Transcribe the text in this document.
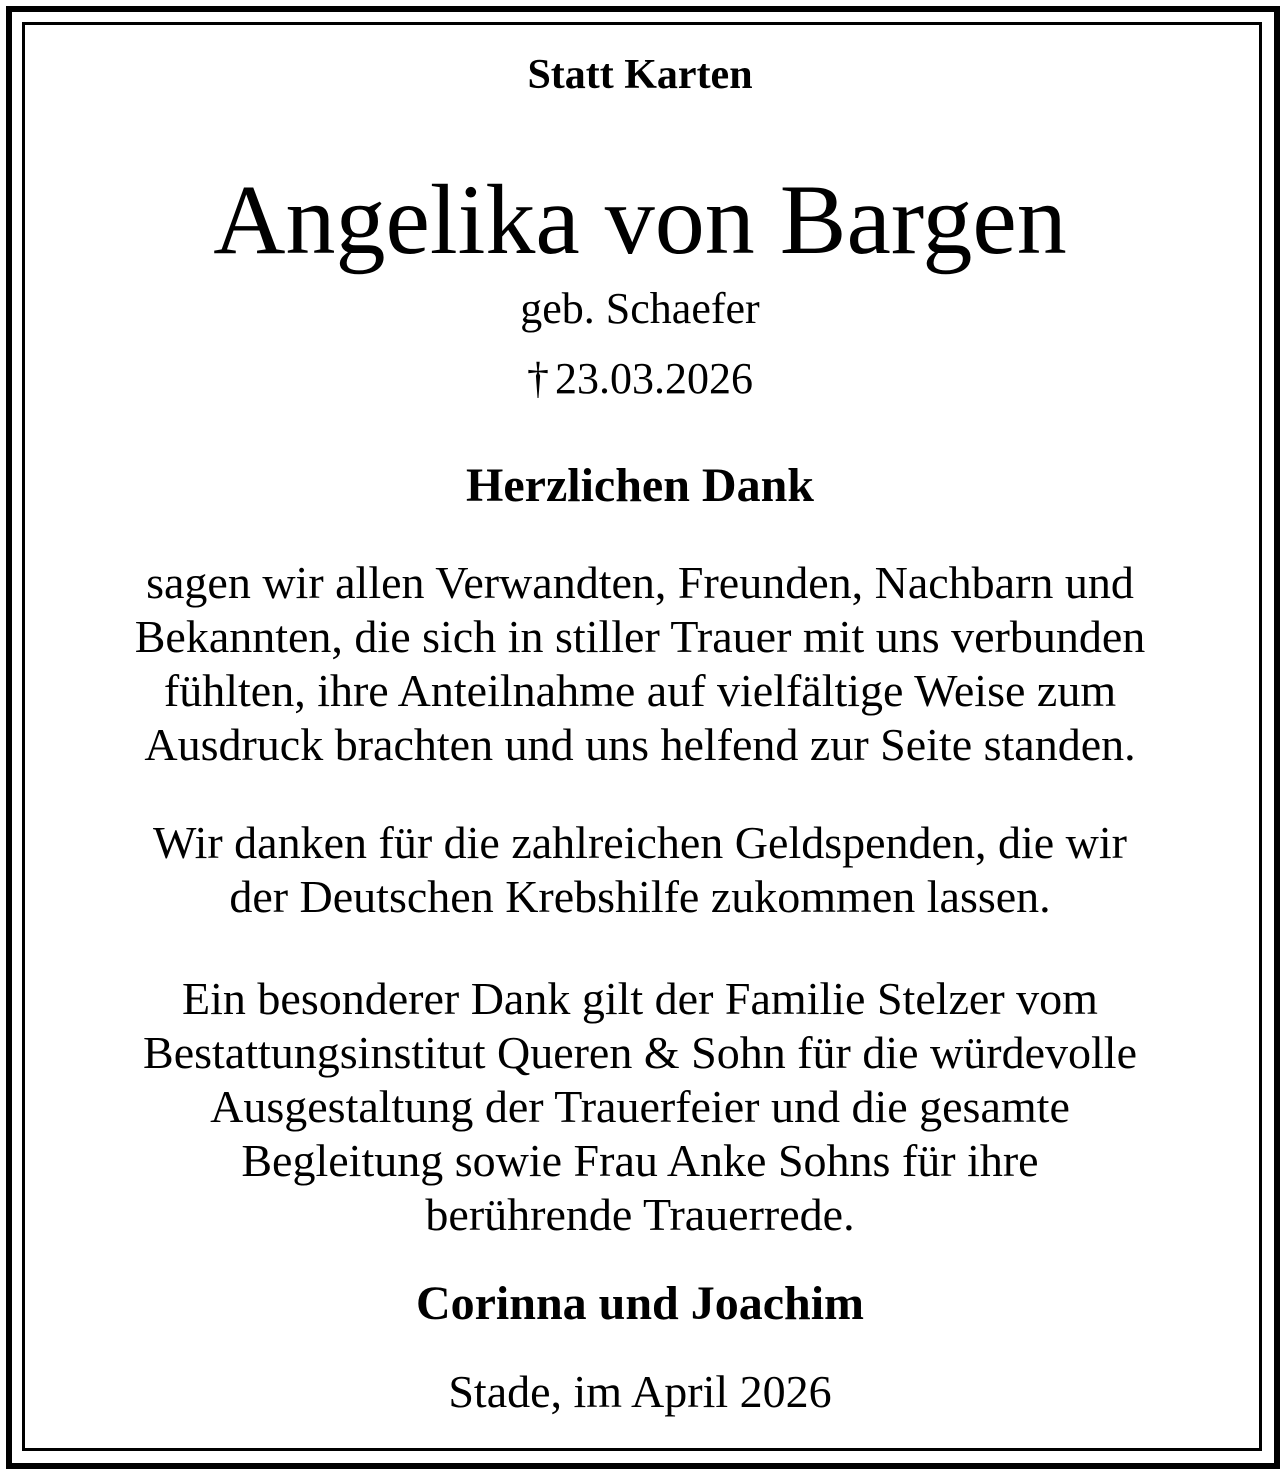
Statt Karten

Angelika von Bargen

geb. Schaefer

† 23.03.2026

Herzlichen Dank
sagen wir allen Verwandten, Freunden, Nachbarn und
Bekannten, die sich in stiller Trauer mit uns verbunden
fühlten, ihre Anteilnahme auf vielfältige Weise zum
Ausdruck brachten und uns helfend zur Seite standen.
Wir danken für die zahlreichen Geldspenden, die wir
der Deutschen Krebshilfe zukommen lassen.
Ein besonderer Dank gilt der Familie Stelzer vom
Bestattungsinstitut Queren & Sohn für die würdevolle
Ausgestaltung der Trauerfeier und die gesamte
Begleitung sowie Frau Anke Sohns für ihre
berührende Trauerrede.

Corinna und Joachim

Stade, im April 2026
